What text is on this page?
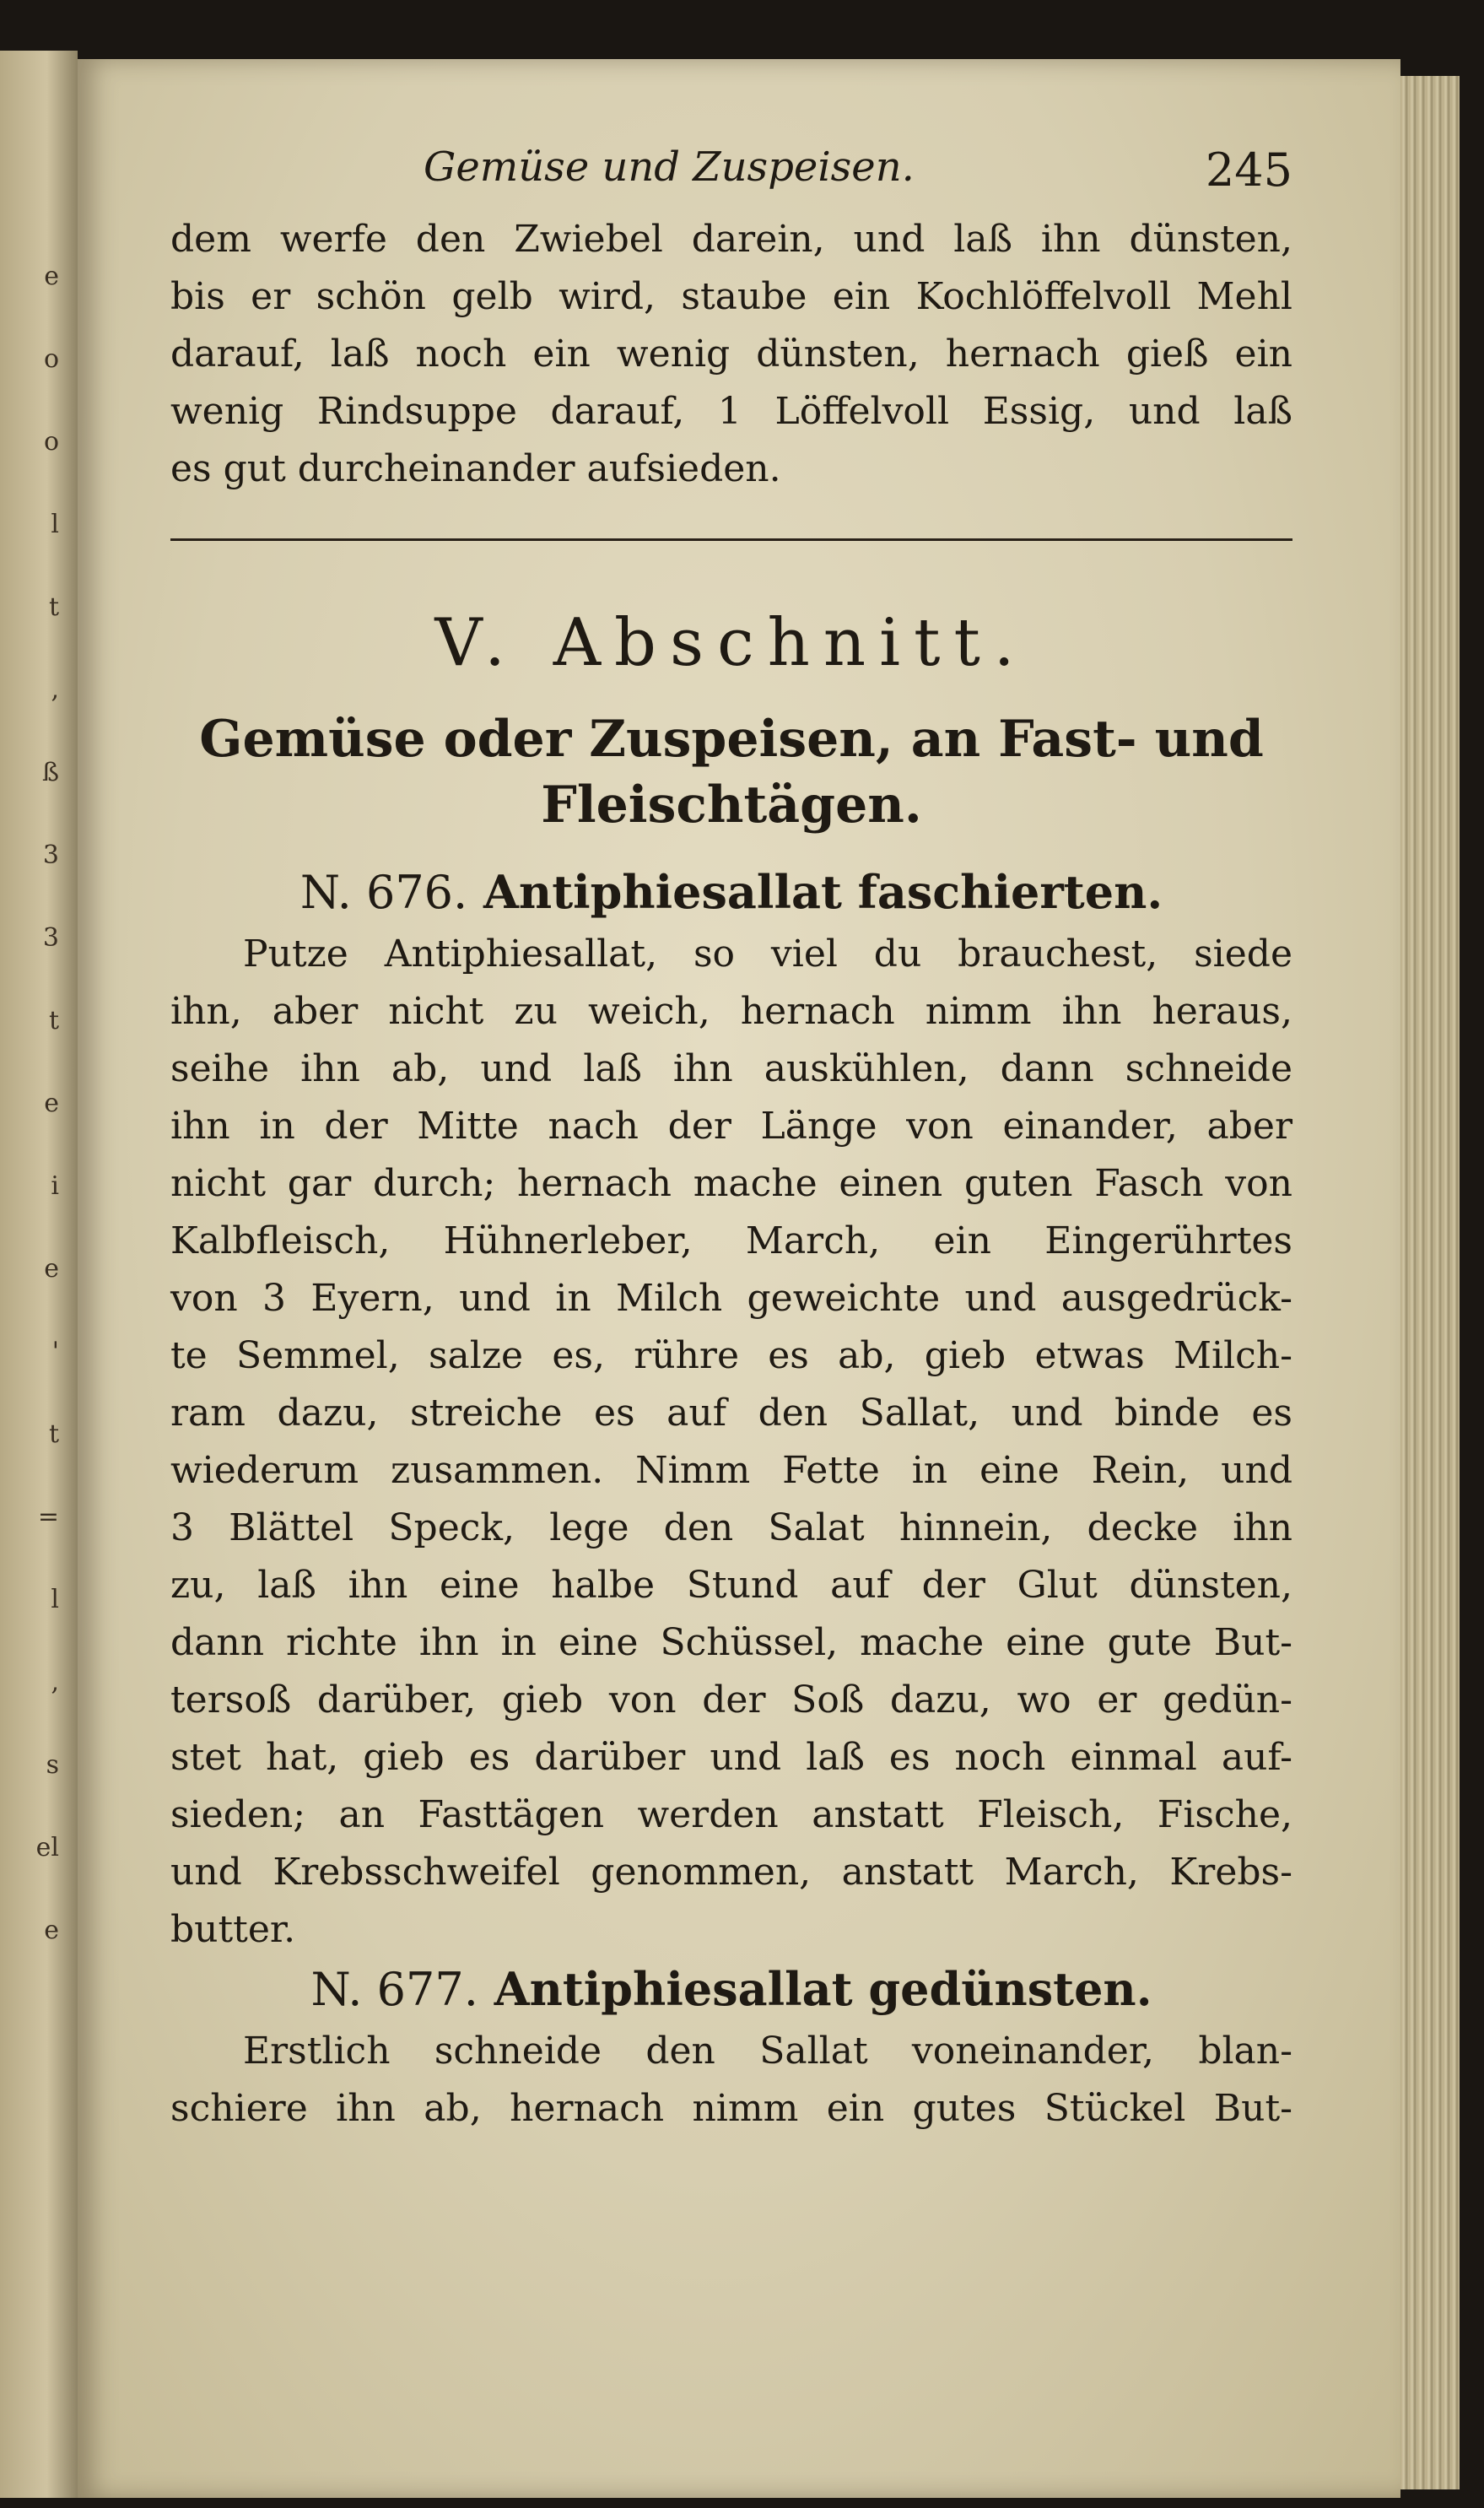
e
o
o
l
t
,
ß
3
3
t
e
i
e
'
t
=
l
,
s
el
e
Gemüse und Zuspeisen.	245
dem werfe den Zwiebel darein, und laß ihn dünsten,
bis er schön gelb wird, staube ein Kochlöffelvoll Mehl
darauf, laß noch ein wenig dünsten, hernach gieß ein
wenig Rindsuppe darauf, 1 Löffelvoll Essig, und laß
es gut durcheinander aufsieden.
V. Abschnitt.
Gemüse oder Zuspeisen, an Fast- und
Fleischtägen.
N. 676. Antiphiesallat faschierten.
Putze Antiphiesallat, so viel du brauchest, siede
ihn, aber nicht zu weich, hernach nimm ihn heraus,
seihe ihn ab, und laß ihn auskühlen, dann schneide
ihn in der Mitte nach der Länge von einander, aber
nicht gar durch; hernach mache einen guten Fasch von
Kalbfleisch, Hühnerleber, March, ein Eingerührtes
von 3 Eyern, und in Milch geweichte und ausgedrück-
te Semmel, salze es, rühre es ab, gieb etwas Milch-
ram dazu, streiche es auf den Sallat, und binde es
wiederum zusammen. Nimm Fette in eine Rein, und
3 Blättel Speck, lege den Salat hinnein, decke ihn
zu, laß ihn eine halbe Stund auf der Glut dünsten,
dann richte ihn in eine Schüssel, mache eine gute But-
tersoß darüber, gieb von der Soß dazu, wo er gedün-
stet hat, gieb es darüber und laß es noch einmal auf-
sieden; an Fasttägen werden anstatt Fleisch, Fische,
und Krebsschweifel genommen, anstatt March, Krebs-
butter.
N. 677. Antiphiesallat gedünsten.
Erstlich schneide den Sallat voneinander, blan-
schiere ihn ab, hernach nimm ein gutes Stückel But-
